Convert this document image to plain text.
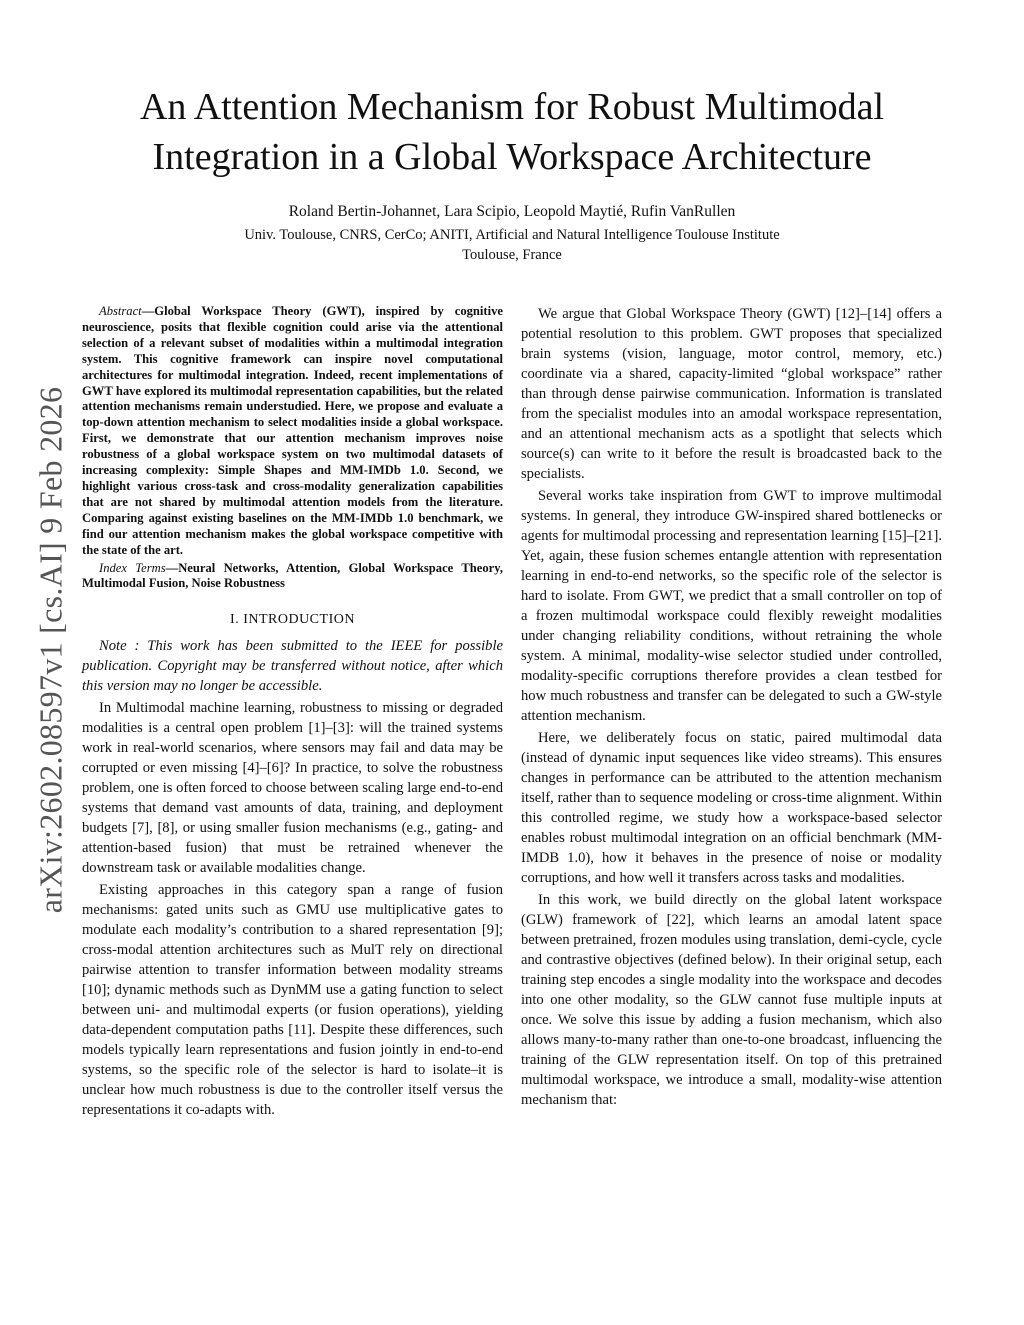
arXiv:2602.08597v1 [cs.AI] 9 Feb 2026
An Attention Mechanism for Robust Multimodal
Integration in a Global Workspace Architecture
Roland Bertin-Johannet, Lara Scipio, Leopold Maytié, Rufin VanRullen
Univ. Toulouse, CNRS, CerCo; ANITI, Artificial and Natural Intelligence Toulouse Institute
Toulouse, France

Abstract—Global Workspace Theory (GWT), inspired by cognitive neuroscience, posits that flexible cognition could arise via the attentional selection of a relevant subset of modalities within a multimodal integration system. This cognitive framework can inspire novel computational architectures for multimodal integration. Indeed, recent implementations of GWT have explored its multimodal representation capabilities, but the related attention mechanisms remain understudied. Here, we propose and evaluate a top-down attention mechanism to select modalities inside a global workspace. First, we demonstrate that our attention mechanism improves noise robustness of a global workspace system on two multimodal datasets of increasing complexity: Simple Shapes and MM-IMDb 1.0. Second, we highlight various cross-task and cross-modality generalization capabilities that are not shared by multimodal attention models from the literature. Comparing against existing baselines on the MM-IMDb 1.0 benchmark, we find our attention mechanism makes the global workspace competitive with the state of the art.

Index Terms—Neural Networks, Attention, Global Workspace Theory, Multimodal Fusion, Noise Robustness

I. INTRODUCTION

Note : This work has been submitted to the IEEE for possible publication. Copyright may be transferred without notice, after which this version may no longer be accessible.

In Multimodal machine learning, robustness to missing or degraded modalities is a central open problem [1]–[3]: will the trained systems work in real-world scenarios, where sensors may fail and data may be corrupted or even missing [4]–[6]? In practice, to solve the robustness problem, one is often forced to choose between scaling large end-to-end systems that demand vast amounts of data, training, and deployment budgets [7], [8], or using smaller fusion mechanisms (e.g., gating- and attention-based fusion) that must be retrained whenever the downstream task or available modalities change.

Existing approaches in this category span a range of fusion mechanisms: gated units such as GMU use multiplicative gates to modulate each modality’s contribution to a shared representation [9]; cross-modal attention architectures such as MulT rely on directional pairwise attention to transfer information between modality streams [10]; dynamic methods such as DynMM use a gating function to select between uni- and multimodal experts (or fusion operations), yielding data-dependent computation paths [11]. Despite these differences, such models typically learn representations and fusion jointly in end-to-end systems, so the specific role of the selector is hard to isolate–it is unclear how much robustness is due to the controller itself versus the representations it co-adapts with.

We argue that Global Workspace Theory (GWT) [12]–[14] offers a potential resolution to this problem. GWT proposes that specialized brain systems (vision, language, motor control, memory, etc.) coordinate via a shared, capacity-limited “global workspace” rather than through dense pairwise communication. Information is translated from the specialist modules into an amodal workspace representation, and an attentional mechanism acts as a spotlight that selects which source(s) can write to it before the result is broadcasted back to the specialists.

Several works take inspiration from GWT to improve multimodal systems. In general, they introduce GW-inspired shared bottlenecks or agents for multimodal processing and representation learning [15]–[21]. Yet, again, these fusion schemes entangle attention with representation learning in end-to-end networks, so the specific role of the selector is hard to isolate. From GWT, we predict that a small controller on top of a frozen multimodal workspace could flexibly reweight modalities under changing reliability conditions, without retraining the whole system. A minimal, modality-wise selector studied under controlled, modality-specific corruptions therefore provides a clean testbed for how much robustness and transfer can be delegated to such a GW-style attention mechanism.

Here, we deliberately focus on static, paired multimodal data (instead of dynamic input sequences like video streams). This ensures changes in performance can be attributed to the attention mechanism itself, rather than to sequence modeling or cross-time alignment. Within this controlled regime, we study how a workspace-based selector enables robust multimodal integration on an official benchmark (MM-IMDB 1.0), how it behaves in the presence of noise or modality corruptions, and how well it transfers across tasks and modalities.

In this work, we build directly on the global latent workspace (GLW) framework of [22], which learns an amodal latent space between pretrained, frozen modules using translation, demi-cycle, cycle and contrastive objectives (defined below). In their original setup, each training step encodes a single modality into the workspace and decodes into one other modality, so the GLW cannot fuse multiple inputs at once. We solve this issue by adding a fusion mechanism, which also allows many-to-many rather than one-to-one broadcast, influencing the training of the GLW representation itself. On top of this pretrained multimodal workspace, we introduce a small, modality-wise attention mechanism that:
